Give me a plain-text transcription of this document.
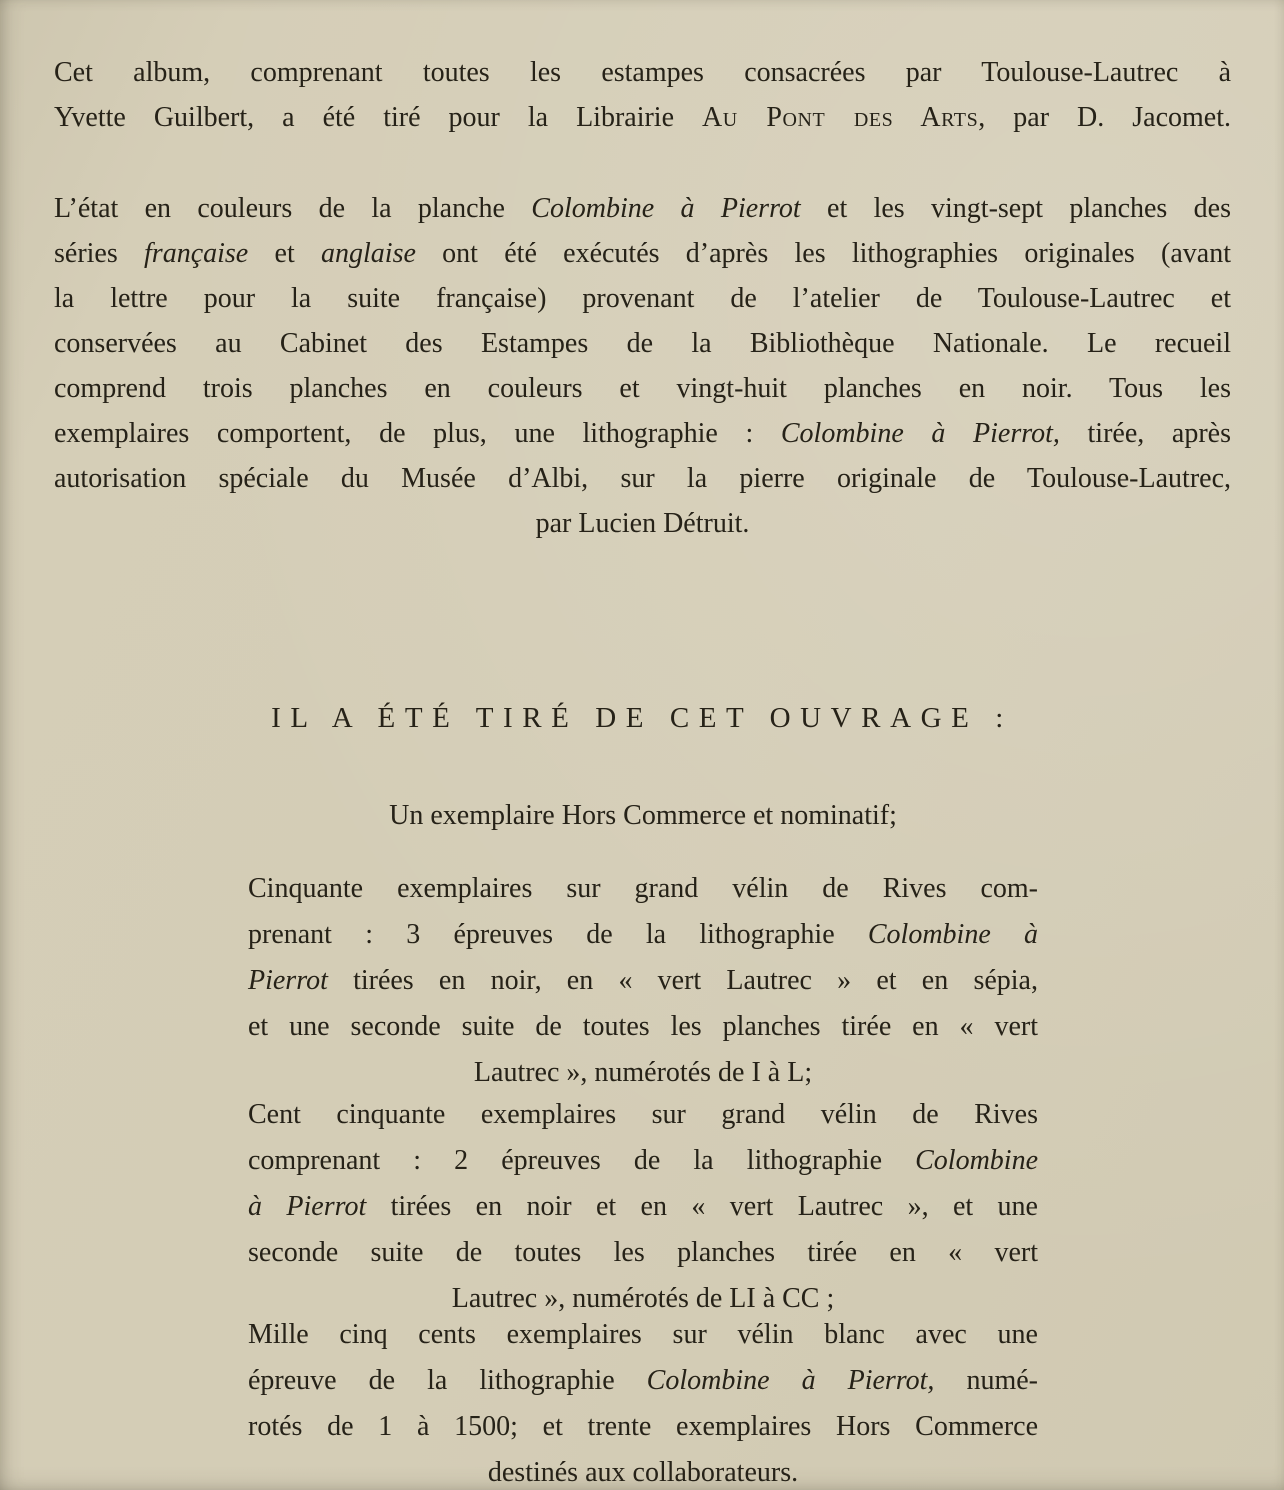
Cet album, comprenant toutes les estampes consacrées par Toulouse-Lautrec à
Yvette Guilbert, a été tiré pour la Librairie Au Pont des Arts, par D. Jacomet.
L’état en couleurs de la planche Colombine à Pierrot et les vingt-sept planches des
séries française et anglaise ont été exécutés d’après les lithographies originales (avant
la lettre pour la suite française) provenant de l’atelier de Toulouse-Lautrec et
conservées au Cabinet des Estampes de la Bibliothèque Nationale. Le recueil
comprend trois planches en couleurs et vingt-huit planches en noir. Tous les
exemplaires comportent, de plus, une lithographie : Colombine à Pierrot, tirée, après
autorisation spéciale du Musée d’Albi, sur la pierre originale de Toulouse-Lautrec,
par Lucien Détruit.
IL A ÉTÉ TIRÉ DE CET OUVRAGE :
Un exemplaire Hors Commerce et nominatif;
Cinquante exemplaires sur grand vélin de Rives com-
prenant : 3 épreuves de la lithographie Colombine à
Pierrot tirées en noir, en « vert Lautrec » et en sépia,
et une seconde suite de toutes les planches tirée en « vert
Lautrec », numérotés de I à L;
Cent cinquante exemplaires sur grand vélin de Rives
comprenant : 2 épreuves de la lithographie Colombine
à Pierrot tirées en noir et en « vert Lautrec », et une
seconde suite de toutes les planches tirée en « vert
Lautrec », numérotés de LI à CC ;
Mille cinq cents exemplaires sur vélin blanc avec une
épreuve de la lithographie Colombine à Pierrot, numé-
rotés de 1 à 1500; et trente exemplaires Hors Commerce
destinés aux collaborateurs.
